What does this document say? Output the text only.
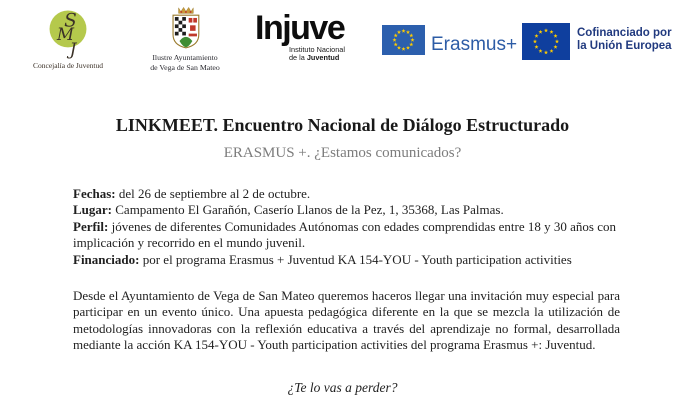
S
M
J
Concejalía de Juventud
Ilustre Ayuntamiento
de Vega de San Mateo
Injuve
Instituto Nacional
de la Juventud
Erasmus+
Cofinanciado por
la Unión Europea
LINKMEET. Encuentro Nacional de Diálogo Estructurado
ERASMUS +. ¿Estamos comunicados?
Fechas: del 26 de septiembre al 2 de octubre.
Lugar: Campamento El Garañón, Caserío Llanos de la Pez, 1, 35368, Las Palmas.
Perfil: jóvenes de diferentes Comunidades Autónomas con edades comprendidas entre 18 y 30 años con implicación y recorrido en el mundo juvenil.
Financiado: por el programa Erasmus + Juventud KA 154-YOU - Youth participation activities

Desde el Ayuntamiento de Vega de San Mateo queremos haceros llegar una invitación muy especial para participar en un evento único. Una apuesta pedagógica diferente en la que se mezcla la utilización de metodologías innovadoras con la reflexión educativa a través del aprendizaje no formal, desarrollada mediante la acción KA 154-YOU - Youth participation activities del programa Erasmus +: Juventud.

¿Te lo vas a perder?
